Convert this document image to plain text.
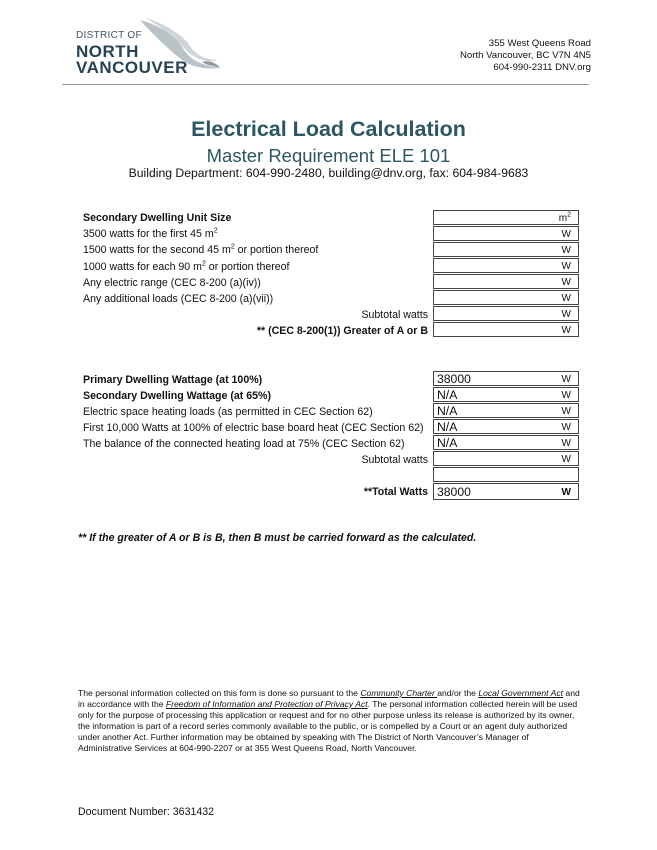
DISTRICT OF
NORTH
VANCOUVER
355 West Queens Road
North Vancouver, BC V7N 4N5
604-990-2311 DNV.org
Electrical Load Calculation
Master Requirement ELE 101
Building Department: 604-990-2480, building@dnv.org, fax: 604-984-9683
Secondary Dwelling Unit Size	$m^2$
3500 watts for the first 45 $m^2$	W
1500 watts for the second 45 $m^2$ or portion thereof	W
1000 watts for each 90 $m^2$ or portion thereof	W
Any electric range (CEC 8-200 (a)(iv))	W
Any additional loads (CEC 8-200 (a)(vii))	W
Subtotal watts	W
** (CEC 8-200(1)) Greater of A or B	W
Primary Dwelling Wattage (at 100%)	38000	W
Secondary Dwelling Wattage (at 65%)	N/A	W
Electric space heating loads (as permitted in CEC Section 62)	N/A	W
First 10,000 Watts at 100% of electric base board heat (CEC Section 62) N/A	W
The balance of the connected heating load at 75% (CEC Section 62)	N/A	W
Subtotal watts	W
**Total Watts 38000	W
** If the greater of A or B is B, then B must be carried forward as the calculated.
The personal information collected on this form is done so pursuant to the Community Charter and/or the Local Government Act and in accordance with the Freedom of Information and Protection of Privacy Act. The personal information collected herein will be used only for the purpose of processing this application or request and for no other purpose unless its release is authorized by its owner, the information is part of a record series commonly available to the public, or is compelled by a Court or an agent duly authorized under another Act. Further information may be obtained by speaking with The District of North Vancouver’s Manager of Administrative Services at 604-990-2207 or at 355 West Queens Road, North Vancouver.
Document Number: 3631432
